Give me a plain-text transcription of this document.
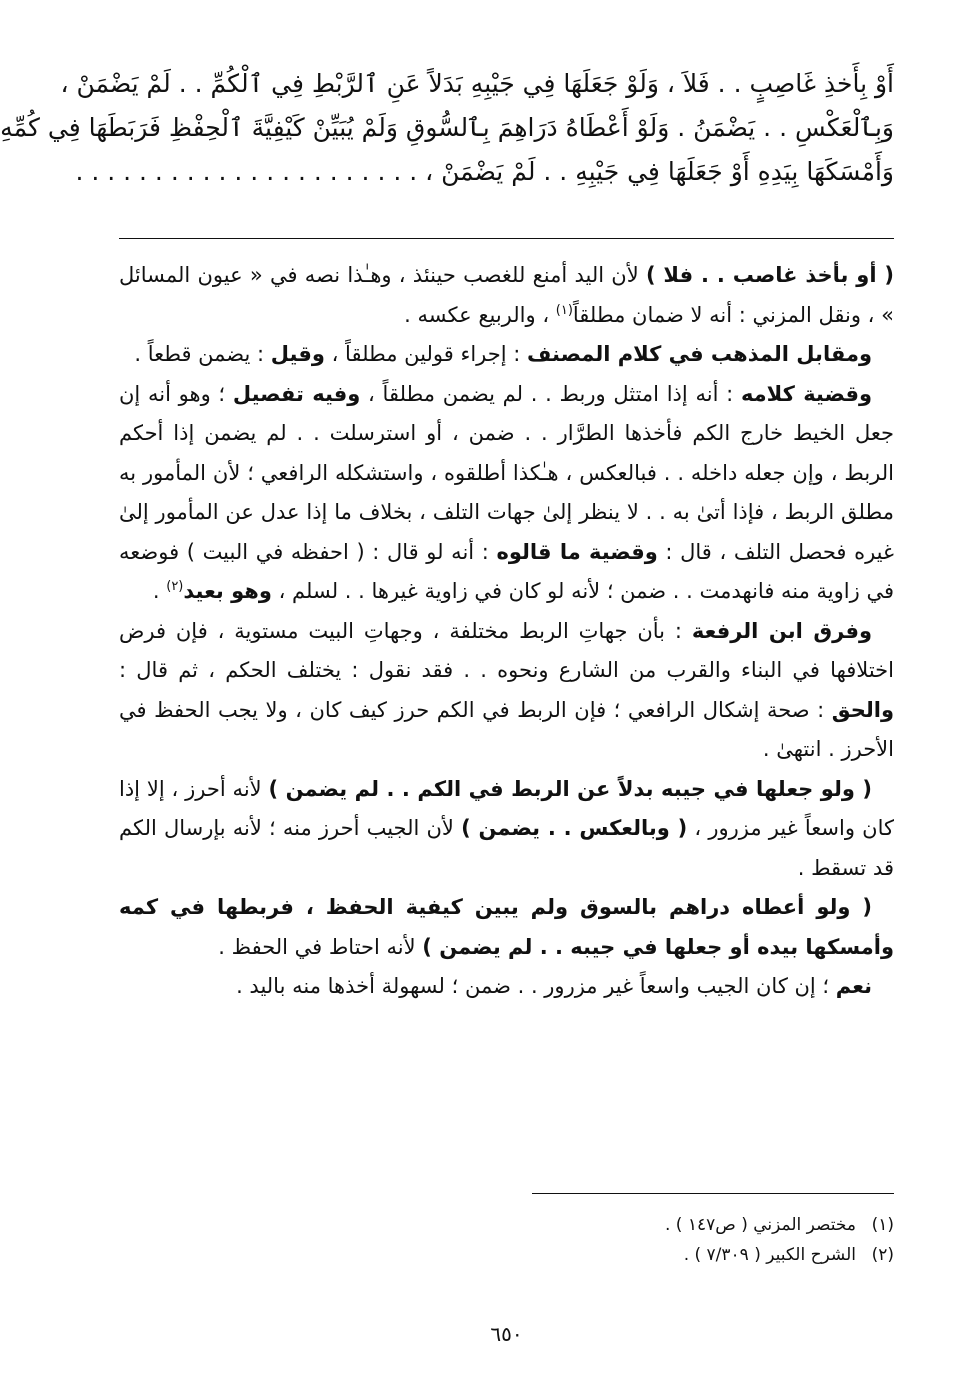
أَوْ بِأَخذِ غَاصِبٍ . . فَلاَ ، وَلَوْ جَعَلَهَا فِي جَيْبِهِ بَدَلاً عَنِ ٱلرَّبْطِ فِي ٱلْكُمِّ . . لَمْ يَضْمَنْ ،
وَبِٱلْعَكْسِ . . يَضْمَنُ . وَلَوْ أَعْطَاهُ دَرَاهِمَ بِٱلسُّوقِ وَلَمْ يُبَيِّنْ كَيْفِيَّةَ ٱلْحِفْظِ فَرَبَطَهَا فِي كُمِّهِ
وَأَمْسَكَهَا بِيَدِهِ أَوْ جَعَلَهَا فِي جَيْبِهِ . . لَمْ يَضْمَنْ ، . . . . . . . . . . . . . . . . . . . . . .

( أو بأخذ غاصب . . فلا ) لأن اليد أمنع للغصب حينئذ ، وهـٰذا نصه في « عيون المسائل » ، ونقل المزني : أنه لا ضمان مطلقاً$^{(١)}$ ، والربيع عكسه .

ومقابل المذهب في كلام المصنف : إجراء قولين مطلقاً ، وقيل : يضمن قطعاً .

وقضية كلامه : أنه إذا امتثل وربط . . لم يضمن مطلقاً ، وفيه تفصيل ؛ وهو أنه إن جعل الخيط خارج الكم فأخذها الطرَّار . . ضمن ، أو استرسلت . . لم يضمن إذا أحكم الربط ، وإن جعله داخله . . فبالعكس ، هـٰكذا أطلقوه ، واستشكله الرافعي ؛ لأن المأمور به مطلق الربط ، فإذا أتىٰ به . . لا ينظر إلىٰ جهات التلف ، بخلاف ما إذا عدل عن المأمور إلىٰ غيره فحصل التلف ، قال : وقضية ما قالوه : أنه لو قال : ( احفظه في البيت ) فوضعه في زاوية منه فانهدمت . . ضمن ؛ لأنه لو كان في زاوية غيرها . . لسلم ، وهو بعيد$^{(٢)}$ .

وفرق ابن الرفعة : بأن جهاتِ الربط مختلفة ، وجهاتِ البيت مستوية ، فإن فرض اختلافها في البناء والقرب من الشارع ونحوه . . فقد نقول : يختلف الحكم ، ثم قال : والحق : صحة إشكال الرافعي ؛ فإن الربط في الكم حرز كيف كان ، ولا يجب الحفظ في الأحرز . انتهىٰ .

( ولو جعلها في جيبه بدلاً عن الربط في الكم . . لم يضمن ) لأنه أحرز ، إلا إذا كان واسعاً غير مزرور ، ( وبالعكس . . يضمن ) لأن الجيب أحرز منه ؛ لأنه بإرسال الكم قد تسقط .

( ولو أعطاه دراهم بالسوق ولم يبين كيفية الحفظ ، فربطها في كمه وأمسكها بيده أو جعلها في جيبه . . لم يضمن ) لأنه احتاط في الحفظ .

نعم ؛ إن كان الجيب واسعاً غير مزرور . . ضمن ؛ لسهولة أخذها منه باليد .

(١)مختصر المزني ( ص١٤٧ ) .
(٢)الشرح الكبير ( ٧/٣٠٩ ) .
٦٥٠
